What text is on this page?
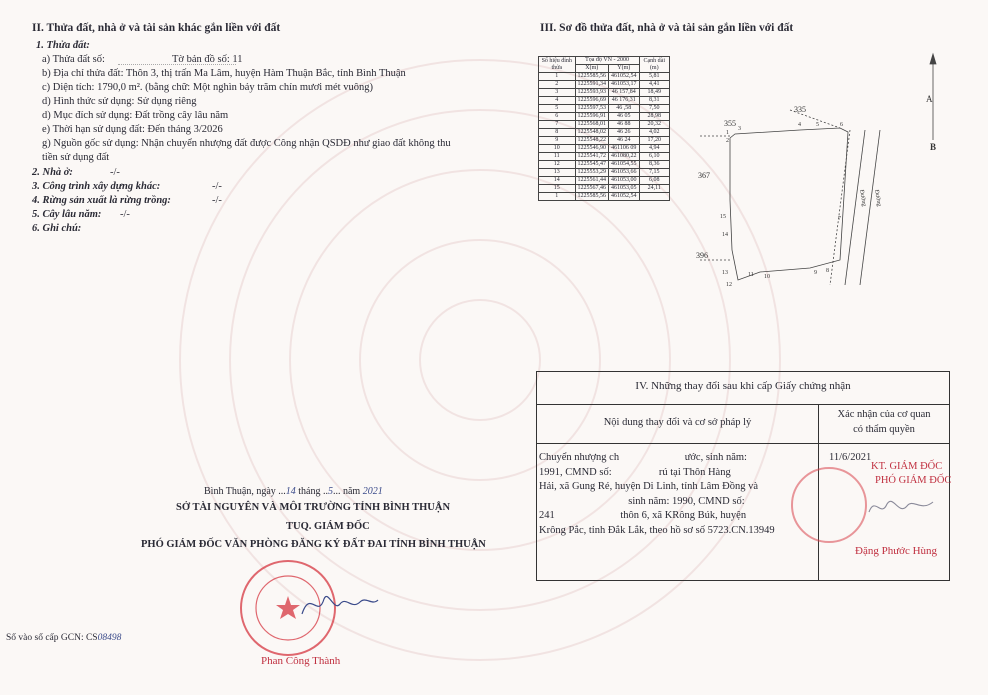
II. Thửa đất, nhà ở và tài sản khác gắn liền với đất
1. Thửa đất:
a) Thửa đất số:	Tờ bản đồ số: 11
b) Địa chỉ thửa đất: Thôn 3, thị trấn Ma Lâm, huyện Hàm Thuận Bắc, tỉnh Bình Thuận
c) Diện tích: 1790,0 m². (bằng chữ: Một nghìn bảy trăm chín mươi mét vuông)
d) Hình thức sử dụng: Sử dụng riêng
d) Mục đích sử dụng: Đất trồng cây lâu năm
e) Thời hạn sử dụng đất: Đến tháng 3/2026
g) Nguồn gốc sử dụng: Nhận chuyển nhượng đất được Công nhận QSDĐ như giao đất không thu
tiền sử dụng đất
2. Nhà ở:	-/-
3. Công trình xây dựng khác:	-/-
4. Rừng sản xuất là rừng trồng:	-/-
5. Cây lâu năm: -/-
6. Ghi chú:
III. Sơ đồ thửa đất, nhà ở và tài sản gắn liền với đất
Số hiệu đỉnh thửa	Tọa độ VN - 2000		Cạnh dài (m)
	X(m)	Y(m)	
1	1225585,56	461052,54	5,81
2	1225591,34	461053,17	4,41
3	1225593,93	46 157,84	18,49
4	1225596,69	46 176,31	8,31
5	1225597,53	46 ,58	7,50
6	1225596,91	46 05	28,98
7	1225568,01	46 88	20,32
8	1225548,02	46 26	4,02
9	1225548,22	46 24	17,20
10	1225546,90	461106 09	4,94
11	1225541,72	461080,22	6,10
12	1225545,47	461054,55	8,36
13	1225553,29	461053,66	7,15
14	1225561,44	461053,00	6,08
15	1225567,46	461053,05	24,11
1	1225585,56	461052,54	
355
335
367
396
A
B
Đường Đường
1
2
3
4	5	6
7
8
9
10
11
12
13
14
15
Bình Thuận, ngày ...14 tháng ..5... năm 2021
SỞ TÀI NGUYÊN VÀ MÔI TRƯỜNG TỈNH BÌNH THUẬN
TUQ. GIÁM ĐỐC
PHÓ GIÁM ĐỐC VĂN PHÒNG ĐĂNG KÝ ĐẤT ĐAI TỈNH BÌNH THUẬN
Phan Công Thành
Số vào sổ cấp GCN: CS08498
IV. Những thay đổi sau khi cấp Giấy chứng nhận
Nội dung thay đổi và cơ sở pháp lý
Xác nhận của cơ quan
có thẩm quyền
Chuyển nhượng ch                         ước, sinh năm:
1991, CMND số:                  rú tại Thôn Hàng
Hải, xã Gung Ré, huyện Di Linh, tỉnh Lâm Đồng và
sinh năm: 1990, CMND số:
241                         thôn 6, xã KRông Búk, huyện
Krông Pắc, tỉnh Đắk Lắk, theo hồ sơ số 5723.CN.13949
11/6/2021
KT. GIÁM ĐỐC
PHÓ GIÁM ĐỐC
Đặng Phước Hùng
